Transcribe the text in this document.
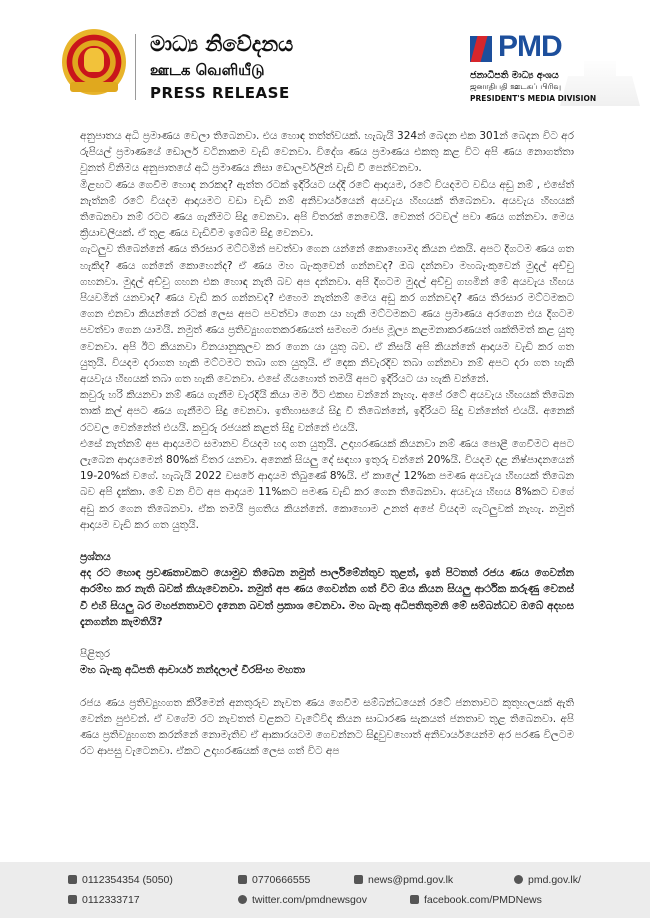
මාධ්‍ය නිවේදනය
ஊடக வெளியீடு
PRESS RELEASE
PMD
ජනාධිපති මාධ්‍ය අංශය
ஜனாதிபதி ஊடகப் பிரிவு
PRESIDENT'S MEDIA DIVISION

අනුපාතය අධි ප්‍රමාණය වෙලා තිබෙනවා. එය හොඳ තත්ත්වයක්. හැබැයි 324න් බෙදන එක 301න් බෙදන විට අර රුපියල් ප්‍රමාණයේ ඩොලර් වටිනාකම වැඩි වෙනවා. විදේශ ණය ප්‍රමාණය එකතු කළ විට අපි ණය නොගත්තා වුනත් විනිමය අනුපාතයේ අධි ප්‍රමාණය නිසා ඩොලර්වලින් වැඩි වී පෙන්වනවා.

මිළඟට ණය ගෙවීම හොඳ නරකද? ඇත්ත රටක් ඉදිරියට යද්දී රටේ ආදායම, රටේ වියදමට වඩිය අඩු නම් , එසේත් නැත්නම් රටේ වියදම ආදායමට වඩා වැඩි නම් අනිවාර්යයෙන් අයවැය හිඟයක් තිබෙනවා. අයවැය හිඟයක් තිබෙනවා නම් රටට ණය ගැනීමට සිදු වෙනවා. අපි විතරක් නෙවෙයි. වෙනත් රටවල් පවා ණය ගන්නවා. මෙය ක්‍රියාවලියක්. ඒ තුළ ණය වැඩිවීම ඉබේම සිදු වෙනවා.

ගැටලුව තිබෙන්නේ ණය තිරසාර මට්ටමින් පවත්වා ගෙන යන්නේ කොහොමද කියන එකයි. අපට දිගටම ණය ගත හැකිද? ණය ගන්නේ කොහෙන්ද? ඒ ණය මහ බැංකුවෙන් ගන්නවද? ඔබ දන්නවා මහබැංකුවෙන් මුදල් අච්චු ගහනවා. මුදල් අච්චු ගහන එක හොඳ නැති බව අප දන්නවා. අපි දිගටම මුදල් අච්චු ගහමින් මේ අයවැය හිඟය පියවමින් යනවාද? ණය වැඩි කර ගන්නවද? එහෙම නැත්නම් මෙය අඩු කර ගන්නවද? ණය තිරසාර මට්ටමකට ගෙන එනවා කියන්නේ රටක් ලෙස අපට පවත්වා ගෙන යා හැකි මට්ටමකට ණය ප්‍රමාණය අරගෙන එය දිගටම පවත්වා ගෙන යාමයි. නමුත් ණය ප්‍රතිව්‍යුහගතකරණයත් සමඟම රාජ්‍ය මූල්‍ය කළමනාකරණයත් ශක්තිමත් කළ යුතු වෙනවා. අපි ඊට කියනවා විනයානුකූලව කර ගෙන යා යුතු බව. ඒ නිසයි අපි කියන්නේ ආදායම වැඩි කර ගත යුතුයි. වියදම දරාගත හැකි මට්ටමට තබා ගත යුතුයි. ඒ දෙක නිවැරදිව තබා ගන්නවා නම් අපට දරා ගත හැකි අයවැය හිඟයක් තබා ගත හැකි වෙනවා. එසේ ගියහොත් තමයි අපට ඉදිරියට යා හැකි වන්නේ.

කවුරු හරි කියනවා නම් ණය ගැනීම වැරදියි කියා මම ඊට එකඟ වන්නේ නැහැ. අපේ රටේ අයවැය හිඟයක් තිබෙන තාක් කල් අපට ණය ගැනීමට සිදු වෙනවා. ඉතිහාසයේ සිදු වී තිබෙන්නේ, ඉදිරියට සිදු වන්නේත් එයයි. අනෙක් රටවල වෙන්නේත් එයයි. කවුරු රජයක් කළත් සිදු වන්නේ එයයි.

එසේ නැත්නම් අප ආදායමට සමානව වියදම හදා ගත යුතුයි. උදාහරණයක් කියනවා නම් ණය පොළී ගෙවීමට අපට ලැබෙන ආදායමෙන් 80%ක් විතර යනවා. අනෙක් සියලු දේ සඳහා ඉතුරු වන්නේ 20%යි. වියදම දළ නිෂ්පාදනයෙන් 19-20%ක් වගේ. හැබැයි 2022 වසරේ ආදායම තිබුණේ 8%යි. ඒ කාලේ 12%ක පමණ අයවැය හිඟයක් තිබෙන බව අපි දැක්කා. මේ වන විට අප ආදායම 11%කට පමණ වැඩි කර ගෙන තිබෙනවා. අයවැය හිඟය 8%කට වගේ අඩු කර ගෙන තිබෙනවා. ඒක තමයි ප්‍රගතිය කියන්නේ. කොහොම උනත් අපේ වියදම ගැටලුවක් නැහැ. නමුත් ආදායම වැඩි කර ගත යුතුයි.

ප්‍රශ්නය

අද රට හොඳ ප්‍රවණතාවකට යොමුව තිබෙන නමුත් පාර්ලිමේන්තුව තුළත්, ඉන් පිටතත් රජය ණය ගෙවන්න ආරම්භ කර නැති බවක් කියැවෙනවා. නමුත් අප ණය ගෙවන්න ගත් විට ඔය කියන සියලු ආර්ථික කරුණු වෙනස් වී එහි සියලු බර මහජනතාවට දැනෙන බවත් ප්‍රකාශ වෙනවා. මහ බැංකු අධිපතිතුමනි මේ සම්බන්ධව ඔබේ අදහස දැනගන්න කැමතියි?

පිළිතුර

මහ බැංකු අධිපති ආචාර්ය නන්දලාල් වීරසිංහ මහතා

රජය ණය ප්‍රතිව්‍යුහගත කිරීමෙන් අනතුරුව නැවත ණය ගෙවීම සම්බන්ධයෙන් රටේ ජනතාවට කුතුහලයක් ඇති වෙන්න පුළුවන්. ඒ වගේම රට නැවතත් වළකට වැටේවිද කියන සාධාරණ සැකයත් ජනතාව තුළ තිබෙනවා. අපි ණය ප්‍රතිව්‍යුහගත කරන්නේ නොමැතිව ඒ ආකාරයටම ගෙවන්නට සිදුවුවහොත් අනිවාර්යයෙන්ම අර පරණ විලටම රට ආපසු වැටෙනවා. ඒකට උදාහරණයක් ලෙස ගත් විට අප

0112354354 (5050)	0770666555	news@pmd.gov.lk	pmd.gov.lk/
0112333717	twitter.com/pmdnewsgov	facebook.com/PMDNews
